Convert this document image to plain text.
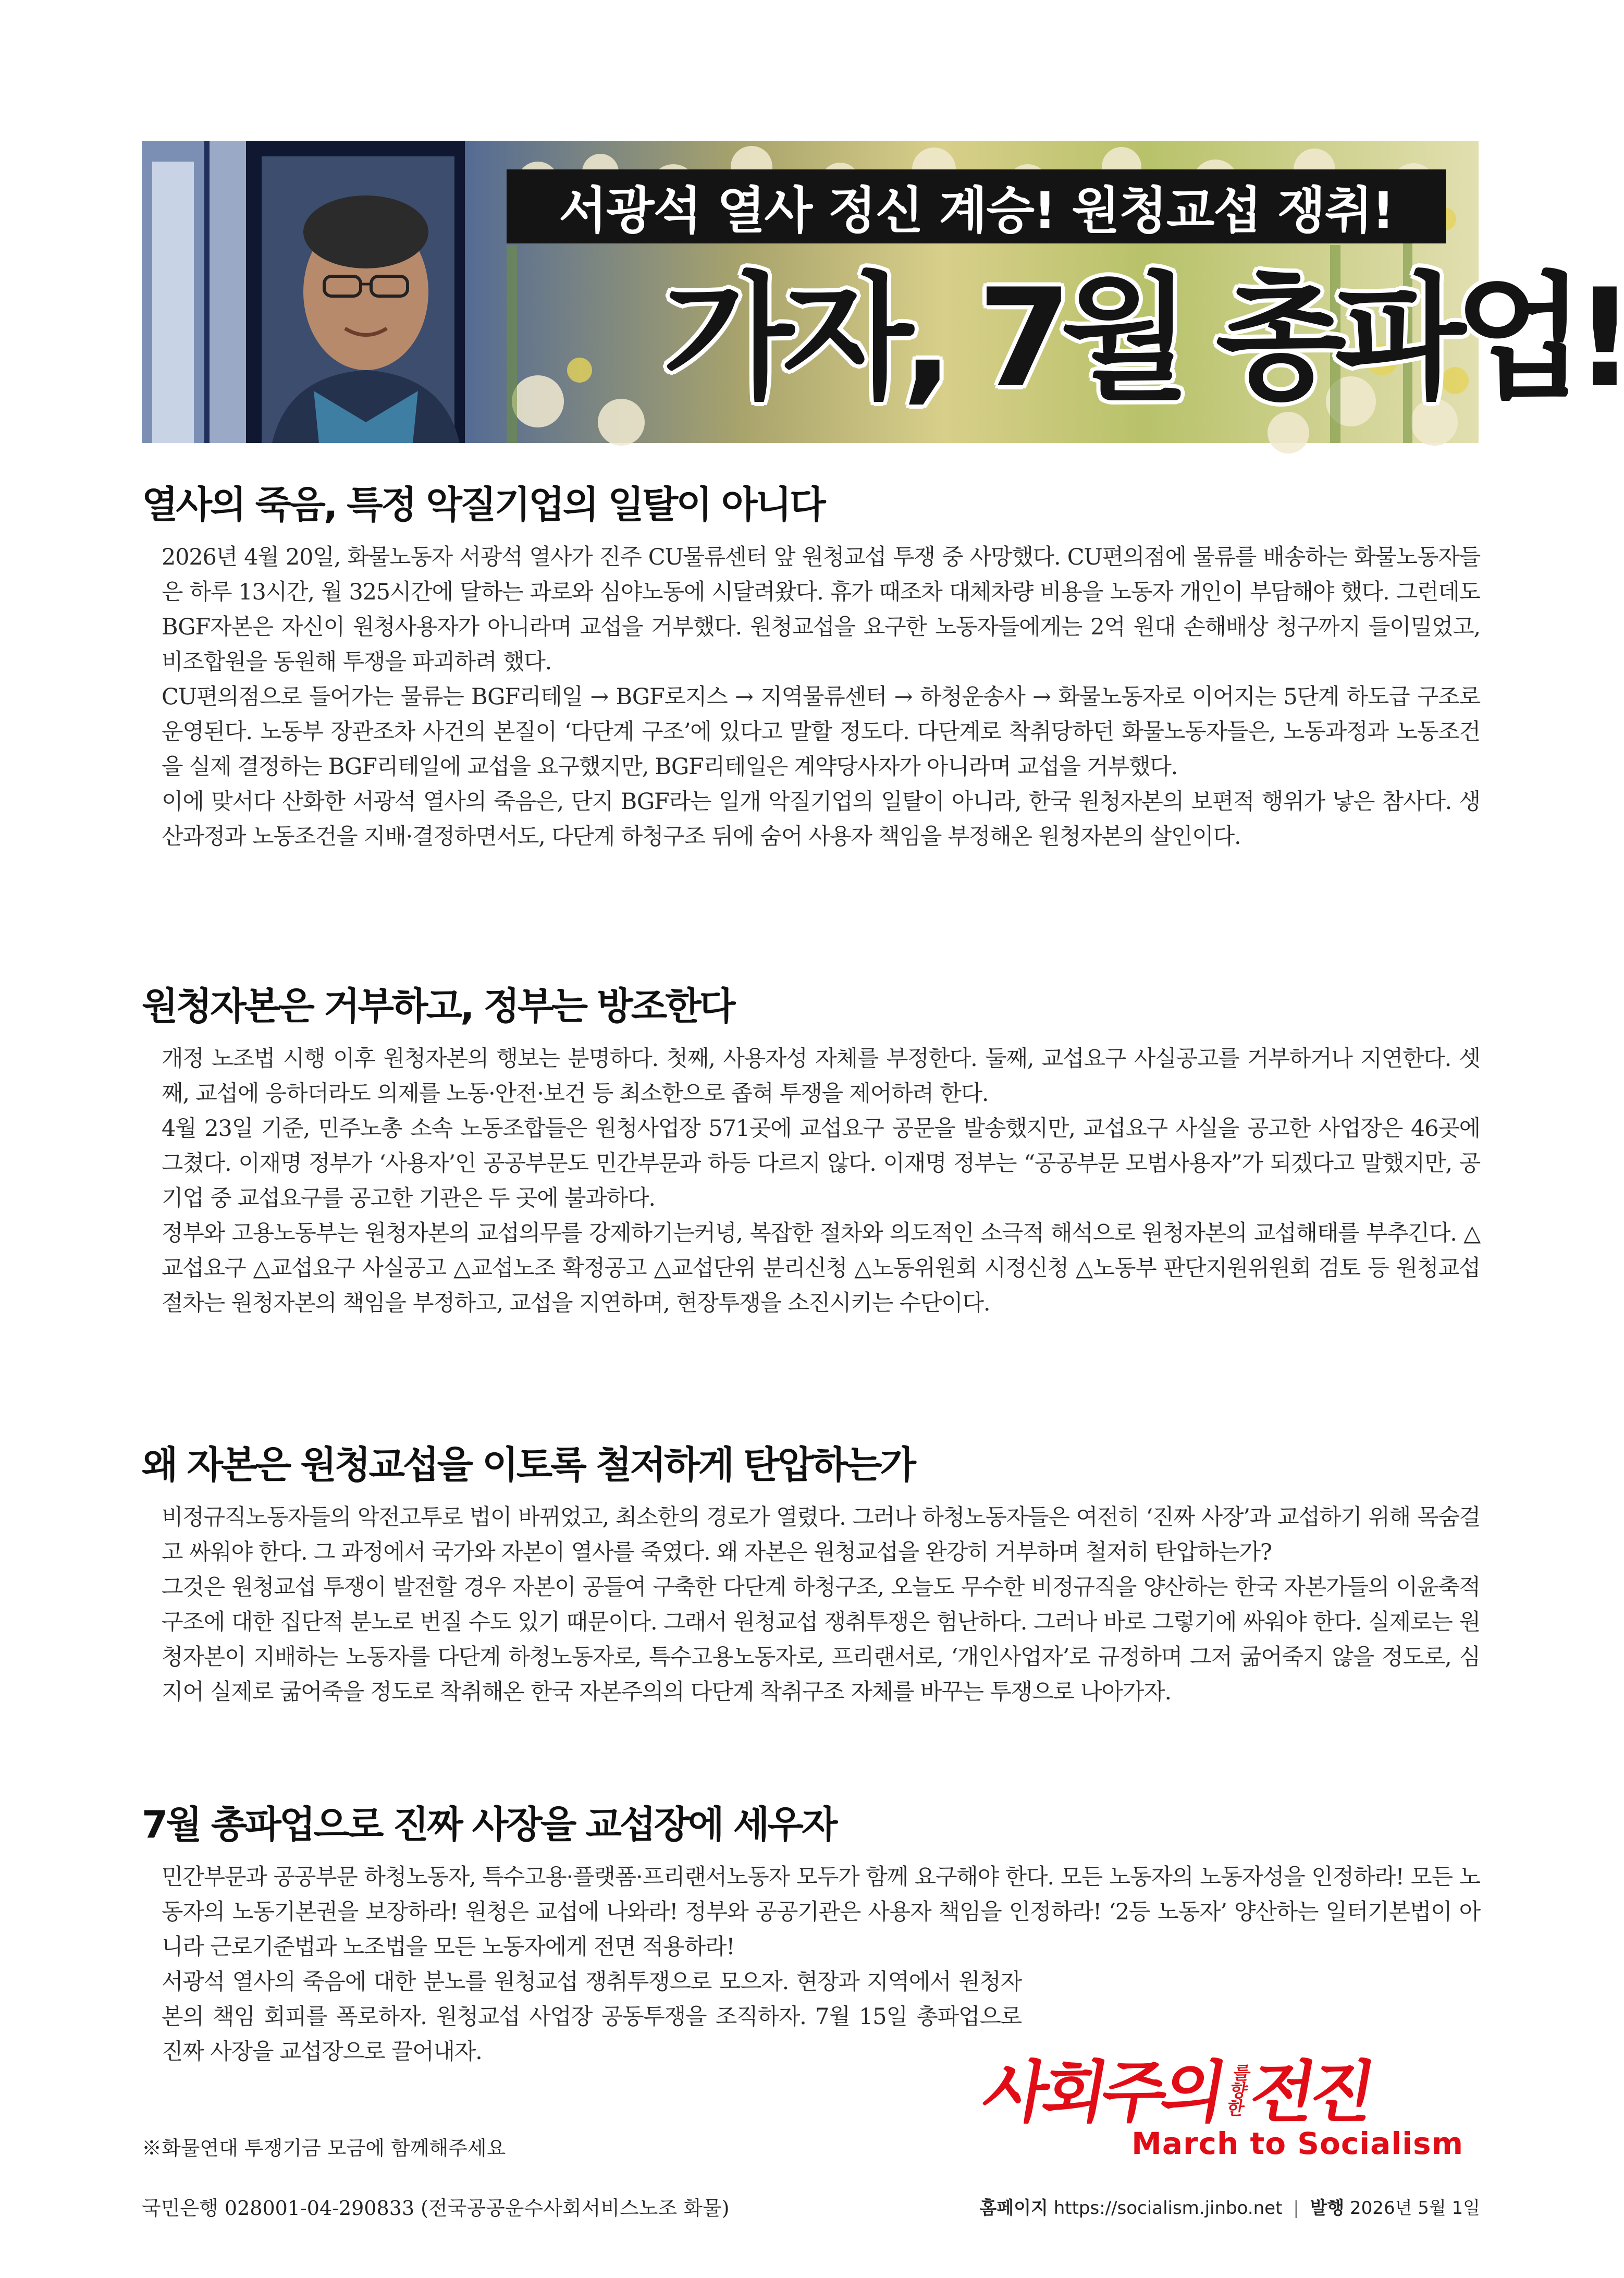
서광석 열사 정신 계승! 원청교섭 쟁취!
가자, 7월 총파업!
열사의 죽음, 특정 악질기업의 일탈이 아니다

2026년 4월 20일, 화물노동자 서광석 열사가 진주 CU물류센터 앞 원청교섭 투쟁 중 사망했다. CU편의점에 물류를 배송하는 화물노동자들은 하루 13시간, 월 325시간에 달하는 과로와 심야노동에 시달려왔다. 휴가 때조차 대체차량 비용을 노동자 개인이 부담해야 했다. 그런데도 BGF자본은 자신이 원청사용자가 아니라며 교섭을 거부했다. 원청교섭을 요구한 노동자들에게는 2억 원대 손해배상 청구까지 들이밀었고, 비조합원을 동원해 투쟁을 파괴하려 했다.

CU편의점으로 들어가는 물류는 BGF리테일 → BGF로지스 → 지역물류센터 → 하청운송사 → 화물노동자로 이어지는 5단계 하도급 구조로 운영된다. 노동부 장관조차 사건의 본질이 ‘다단계 구조’에 있다고 말할 정도다. 다단계로 착취당하던 화물노동자들은, 노동과정과 노동조건을 실제 결정하는 BGF리테일에 교섭을 요구했지만, BGF리테일은 계약당사자가 아니라며 교섭을 거부했다.

이에 맞서다 산화한 서광석 열사의 죽음은, 단지 BGF라는 일개 악질기업의 일탈이 아니라, 한국 원청자본의 보편적 행위가 낳은 참사다. 생산과정과 노동조건을 지배·결정하면서도, 다단계 하청구조 뒤에 숨어 사용자 책임을 부정해온 원청자본의 살인이다.

원청자본은 거부하고, 정부는 방조한다

개정 노조법 시행 이후 원청자본의 행보는 분명하다. 첫째, 사용자성 자체를 부정한다. 둘째, 교섭요구 사실공고를 거부하거나 지연한다. 셋째, 교섭에 응하더라도 의제를 노동·안전·보건 등 최소한으로 좁혀 투쟁을 제어하려 한다.

4월 23일 기준, 민주노총 소속 노동조합들은 원청사업장 571곳에 교섭요구 공문을 발송했지만, 교섭요구 사실을 공고한 사업장은 46곳에 그쳤다. 이재명 정부가 ‘사용자’인 공공부문도 민간부문과 하등 다르지 않다. 이재명 정부는 “공공부문 모범사용자”가 되겠다고 말했지만, 공기업 중 교섭요구를 공고한 기관은 두 곳에 불과하다.

정부와 고용노동부는 원청자본의 교섭의무를 강제하기는커녕, 복잡한 절차와 의도적인 소극적 해석으로 원청자본의 교섭해태를 부추긴다. △교섭요구 △교섭요구 사실공고 △교섭노조 확정공고 △교섭단위 분리신청 △노동위원회 시정신청 △노동부 판단지원위원회 검토 등 원청교섭 절차는 원청자본의 책임을 부정하고, 교섭을 지연하며, 현장투쟁을 소진시키는 수단이다.

왜 자본은 원청교섭을 이토록 철저하게 탄압하는가

비정규직노동자들의 악전고투로 법이 바뀌었고, 최소한의 경로가 열렸다. 그러나 하청노동자들은 여전히 ‘진짜 사장’과 교섭하기 위해 목숨걸고 싸워야 한다. 그 과정에서 국가와 자본이 열사를 죽였다. 왜 자본은 원청교섭을 완강히 거부하며 철저히 탄압하는가?

그것은 원청교섭 투쟁이 발전할 경우 자본이 공들여 구축한 다단계 하청구조, 오늘도 무수한 비정규직을 양산하는 한국 자본가들의 이윤축적 구조에 대한 집단적 분노로 번질 수도 있기 때문이다. 그래서 원청교섭 쟁취투쟁은 험난하다. 그러나 바로 그렇기에 싸워야 한다. 실제로는 원청자본이 지배하는 노동자를 다단계 하청노동자로, 특수고용노동자로, 프리랜서로, ‘개인사업자’로 규정하며 그저 굶어죽지 않을 정도로, 심지어 실제로 굶어죽을 정도로 착취해온 한국 자본주의의 다단계 착취구조 자체를 바꾸는 투쟁으로 나아가자.

7월 총파업으로 진짜 사장을 교섭장에 세우자

민간부문과 공공부문 하청노동자, 특수고용·플랫폼·프리랜서노동자 모두가 함께 요구해야 한다. 모든 노동자의 노동자성을 인정하라! 모든 노동자의 노동기본권을 보장하라! 원청은 교섭에 나와라! 정부와 공공기관은 사용자 책임을 인정하라! ‘2등 노동자’ 양산하는 일터기본법이 아니라 근로기준법과 노조법을 모든 노동자에게 전면 적용하라!

서광석 열사의 죽음에 대한 분노를 원청교섭 쟁취투쟁으로 모으자. 현장과 지역에서 원청자본의 책임 회피를 폭로하자. 원청교섭 사업장 공동투쟁을 조직하자. 7월 15일 총파업으로 진짜 사장을 교섭장으로 끌어내자.

※화물연대 투쟁기금 모금에 함께해주세요
국민은행 028001-04-290833 (전국공공운수사회서비스노조 화물)
사회주의
를향한
전진
March to Socialism
홈페이지 https://socialism.jinbo.net | 발행 2026년 5월 1일
